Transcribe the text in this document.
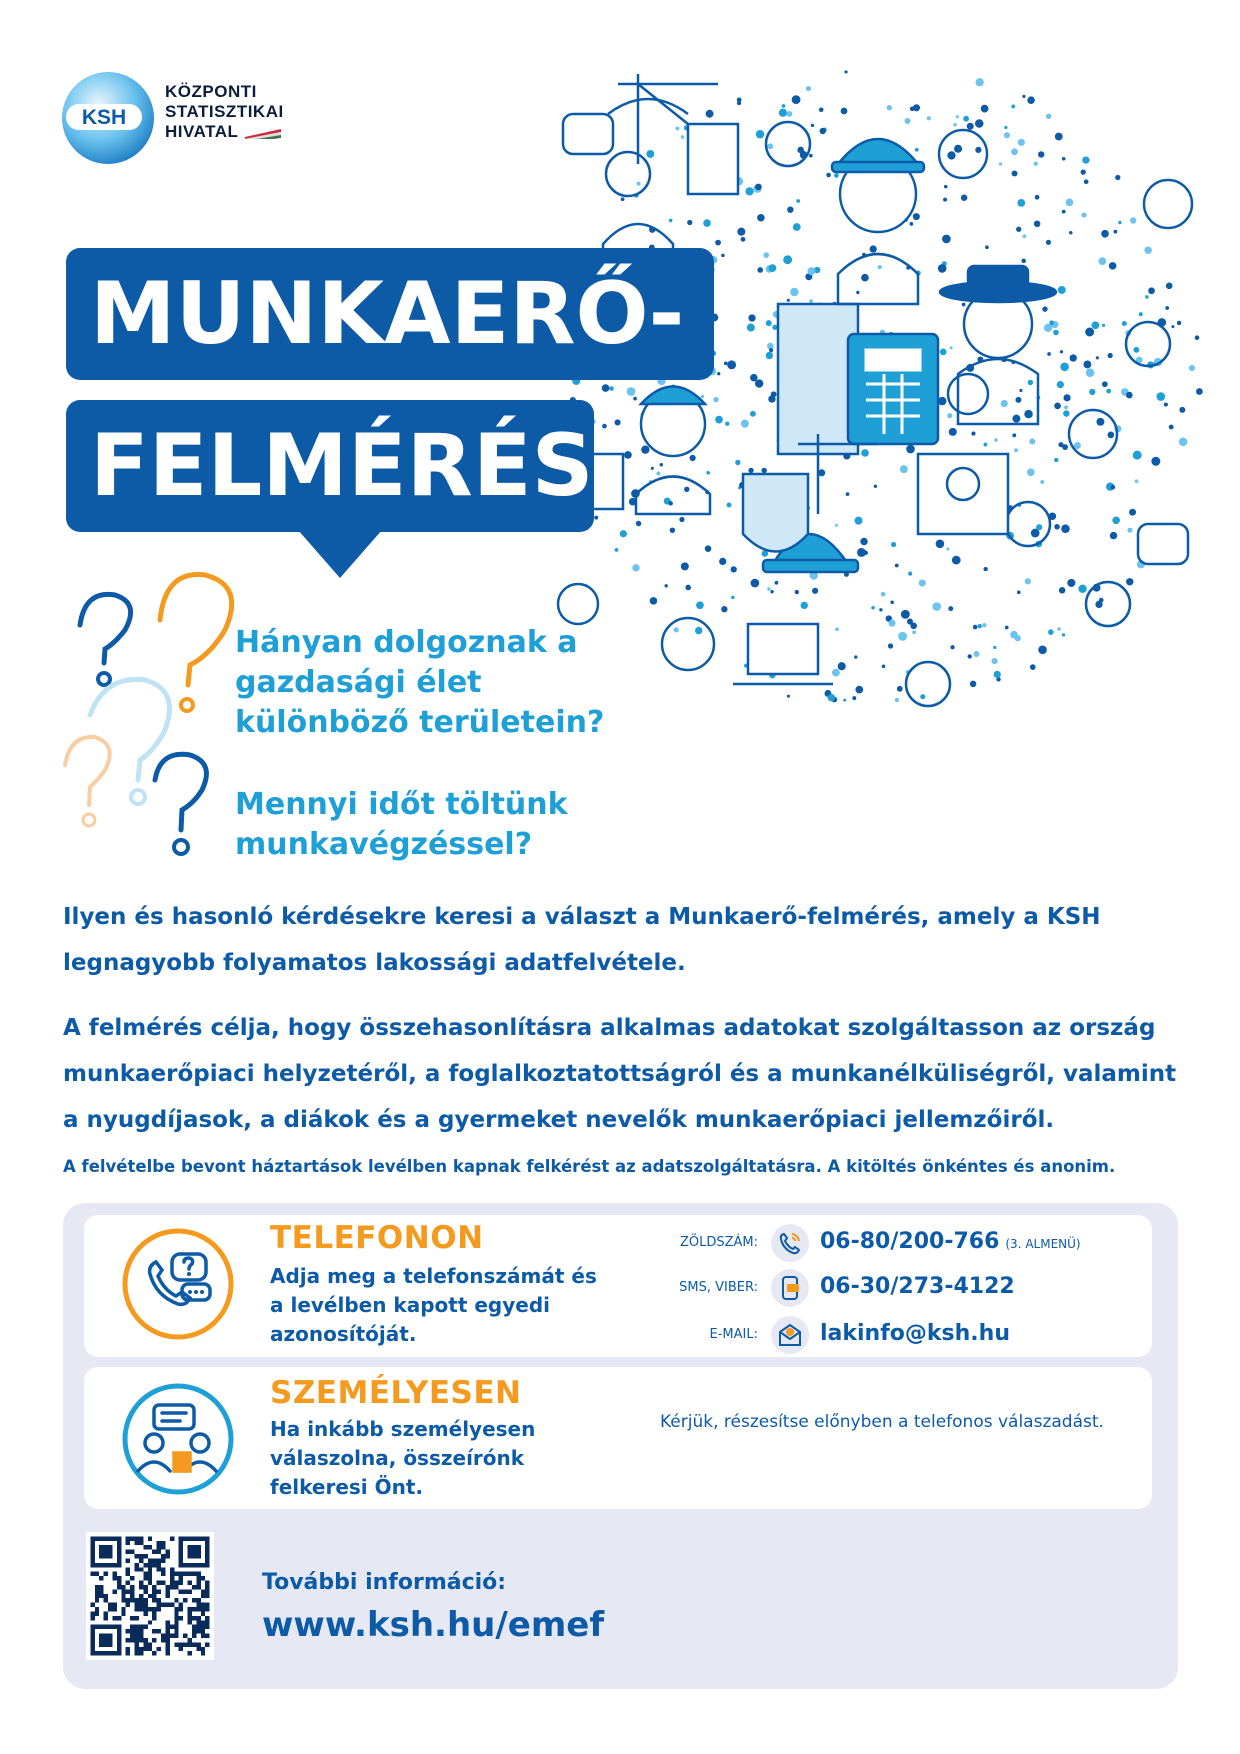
KSH
KÖZPONTI
STATISZTIKAI
HIVATAL
MUNKAERŐ-
FELMÉRÉS
Hányan dolgoznak a gazdasági élet különböző területein?
Mennyi időt töltünk munkavégzéssel?
Ilyen és hasonló kérdésekre keresi a választ a Munkaerő-felmérés, amely a KSH legnagyobb folyamatos lakossági adatfelvétele.
A felmérés célja, hogy összehasonlításra alkalmas adatokat szolgáltasson az ország munkaerőpiaci helyzetéről, a foglalkoztatottságról és a munkanélküliségről, valamint a nyugdíjasok, a diákok és a gyermeket nevelők munkaerőpiaci jellemzőiről.
A felvételbe bevont háztartások levélben kapnak felkérést az adatszolgáltatásra. A kitöltés önkéntes és anonim.
TELEFONON
Adja meg a telefonszámát és a levélben kapott egyedi azonosítóját.
SZEMÉLYESEN
Ha inkább személyesen válaszolna, összeírónk felkeresi Önt.
ZÖLDSZÁM:	06-80/200-766 (3. ALMENÜ)
SMS, VIBER:	06-30/273-4122
E-MAIL:	lakinfo@ksh.hu
Kérjük, részesítse előnyben a telefonos válaszadást.
További információ:
www.ksh.hu/emef
